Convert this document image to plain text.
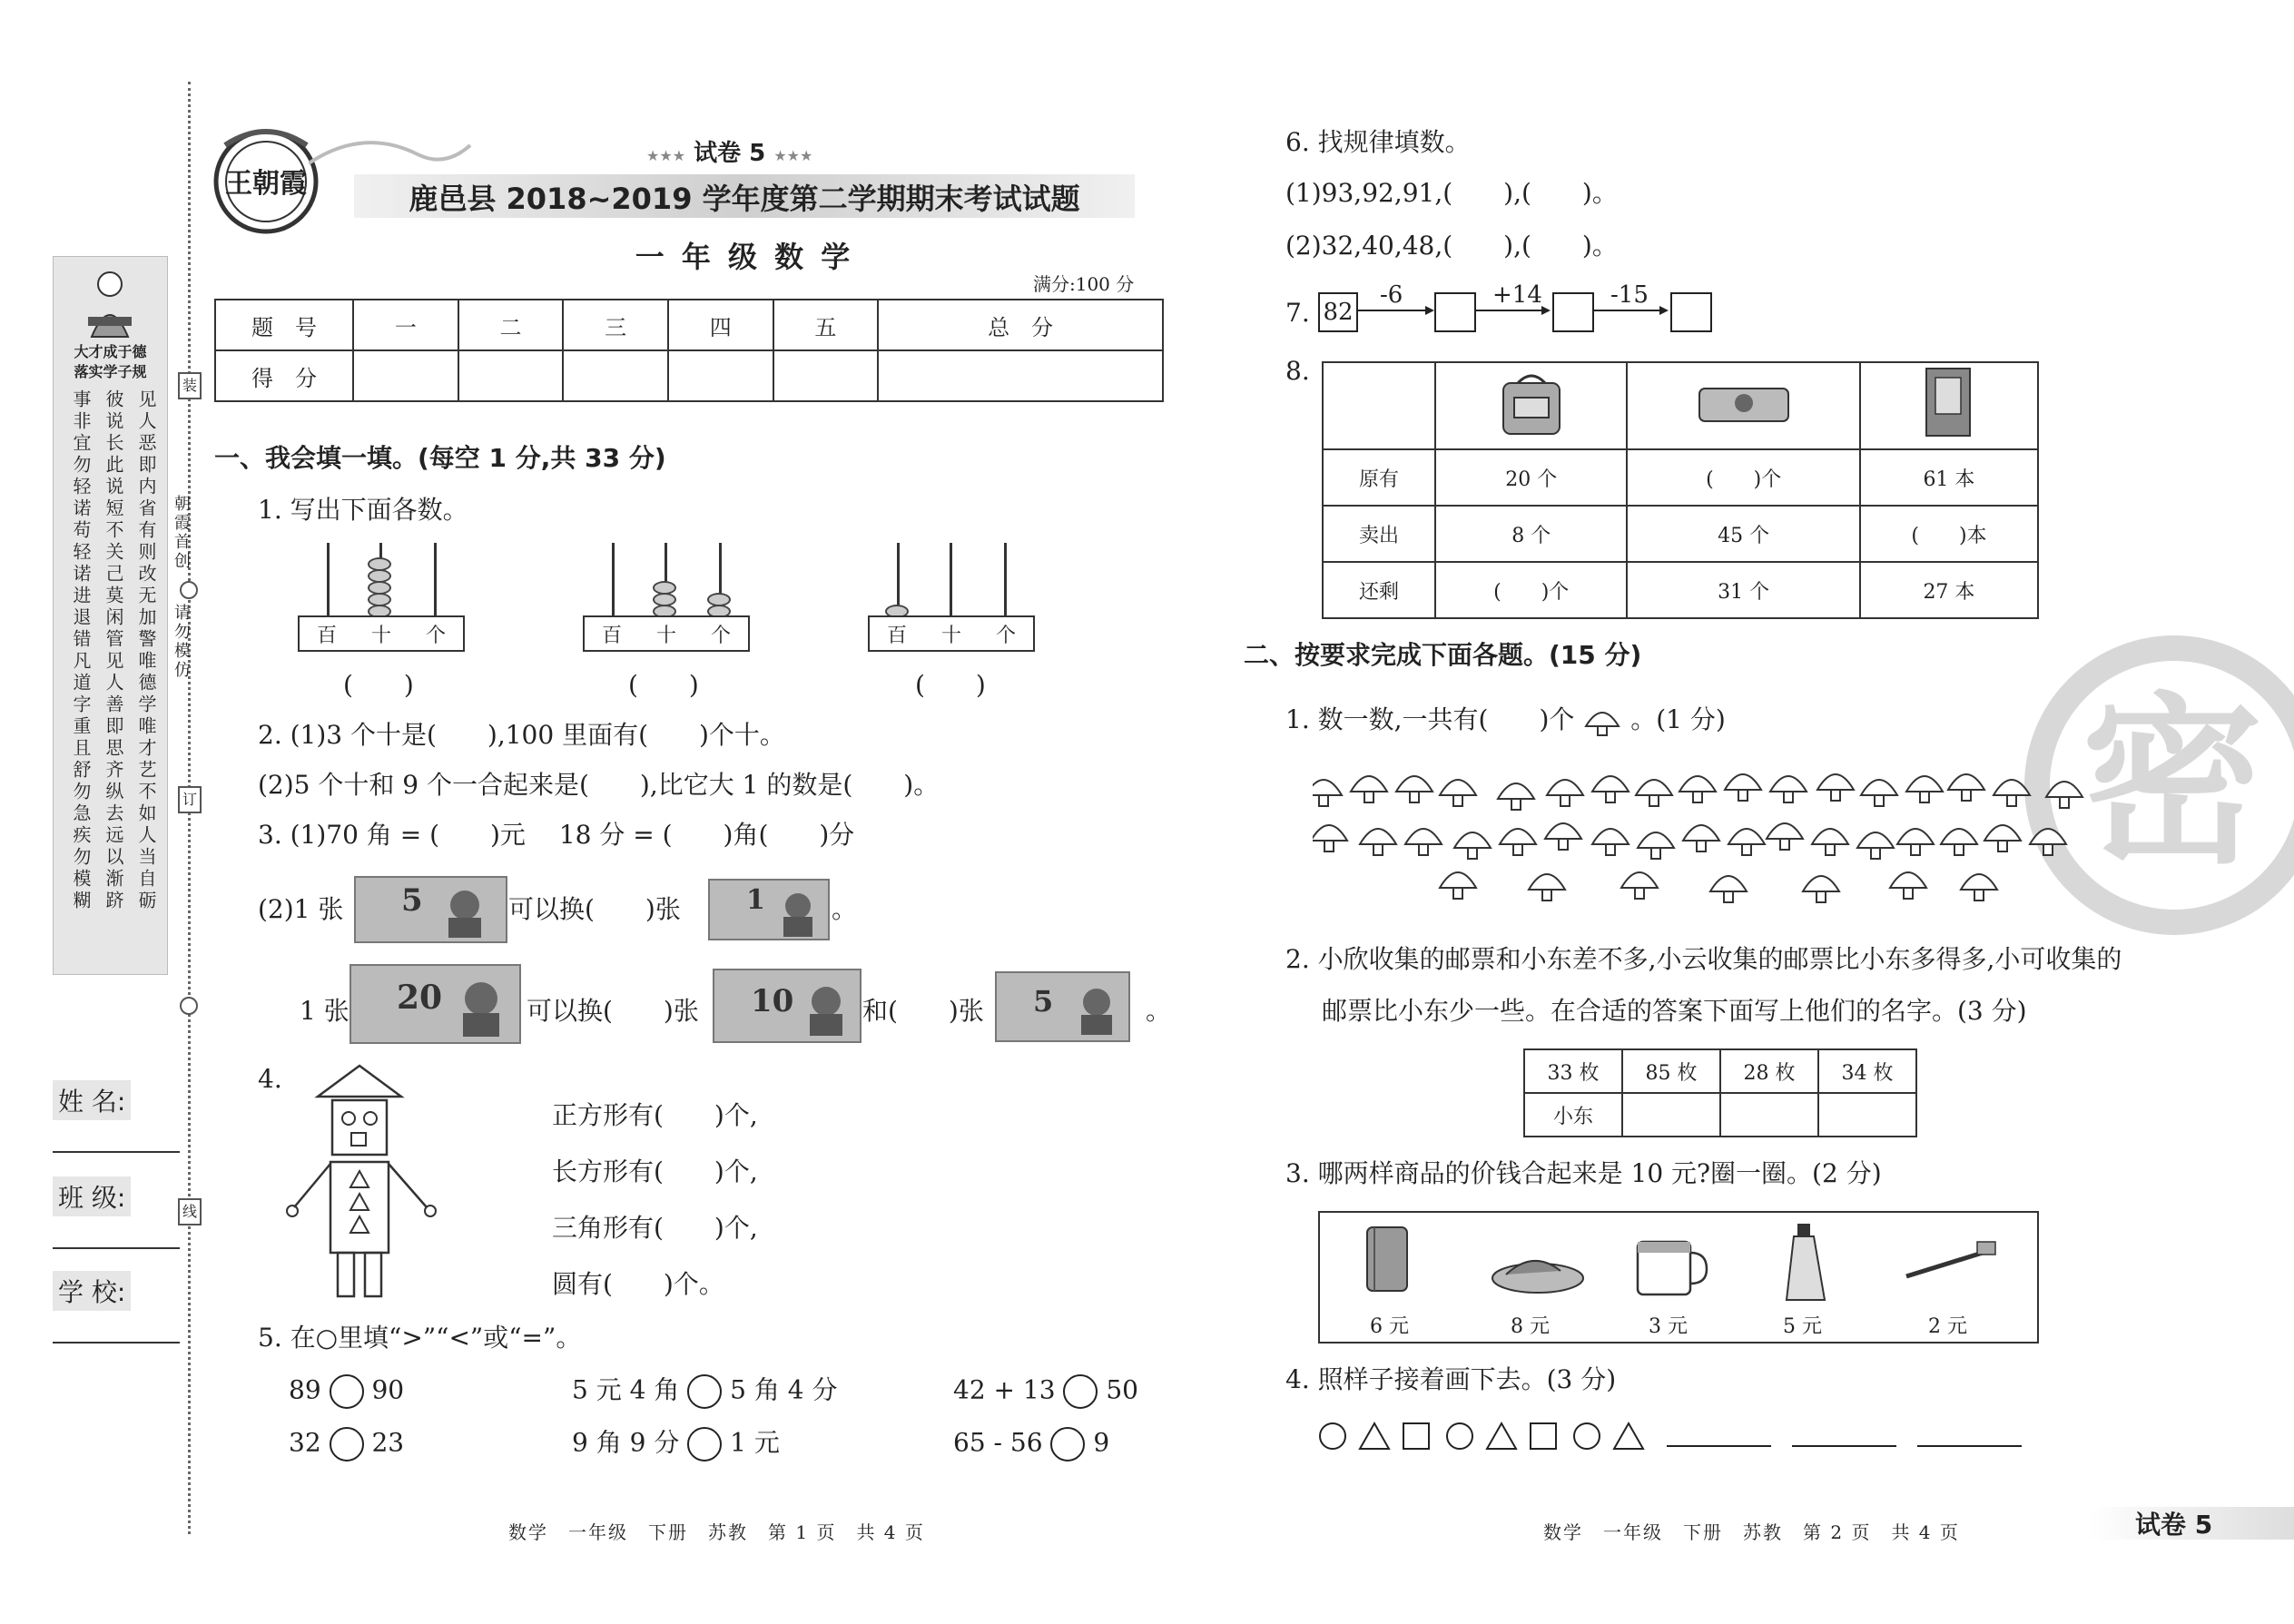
装
订
线
大才成于德
落实学子规
见人恶即内省有则改无加警唯德学唯才艺不如人当自砺
彼说长此说短不关己莫闲管见人善即思齐纵去远以渐跻
事非宜勿轻诺苟轻诺进退错凡道字重且舒勿急疾勿模糊	朝霞首创
请勿模仿
姓 名:
班 级:
学 校:
王朝霞
★★★ 试卷 5 ★★★
鹿邑县 2018~2019 学年度第二学期期末考试试题
一 年 级 数 学
满分:100 分
题　号	一	二	三	四	五	总　分
得　分						
一、我会填一填。(每空 1 分,共 33 分)
1. 写出下面各数。
百 十 个	百 十 个	百 十 个
(　　)	(　　)	(　　)
2. (1)3 个十是(　　),100 里面有(　　)个十。
(2)5 个十和 9 个一合起来是(　　),比它大 1 的数是(　　)。
3. (1)70 角 = (　　)元　 18 分 = (　　)角(　　)分
(2)1 张 5	可以换(　　)张 1	。
1 张 20	可以换(　　)张 10	和(　　)张 5	。
4.
正方形有(　　)个,
长方形有(　　)个,
三角形有(　　)个,
圆有(　　)个。
5. 在○里填“>”“<”或“=”。
89 90	5 元 4 角 5 角 4 分	42 + 13 50
32 23	9 角 9 分 1 元	65 - 56 9
数学　一年级　下册　苏教　第 1 页　共 4 页
6. 找规律填数。
(1)93,92,91,(　　),(　　)。
(2)32,40,48,(　　),(　　)。
7. 82
-6	+14	-15
8.

原有	20 个	(　　)个	61 本
卖出	8 个	45 个	(　　)本
还剩	(　　)个	31 个	27 本
密
二、按要求完成下面各题。(15 分)
1. 数一数,一共有(　　)个 。(1 分)
2. 小欣收集的邮票和小东差不多,小云收集的邮票比小东多得多,小可收集的
邮票比小东少一些。在合适的答案下面写上他们的名字。(3 分)
33 枚	85 枚	28 枚	34 枚
小东			
3. 哪两样商品的价钱合起来是 10 元?圈一圈。(2 分)
6 元	8 元	3 元	5 元	2 元
4. 照样子接着画下去。(3 分)
数学　一年级　下册　苏教　第 2 页　共 4 页	试卷 5
